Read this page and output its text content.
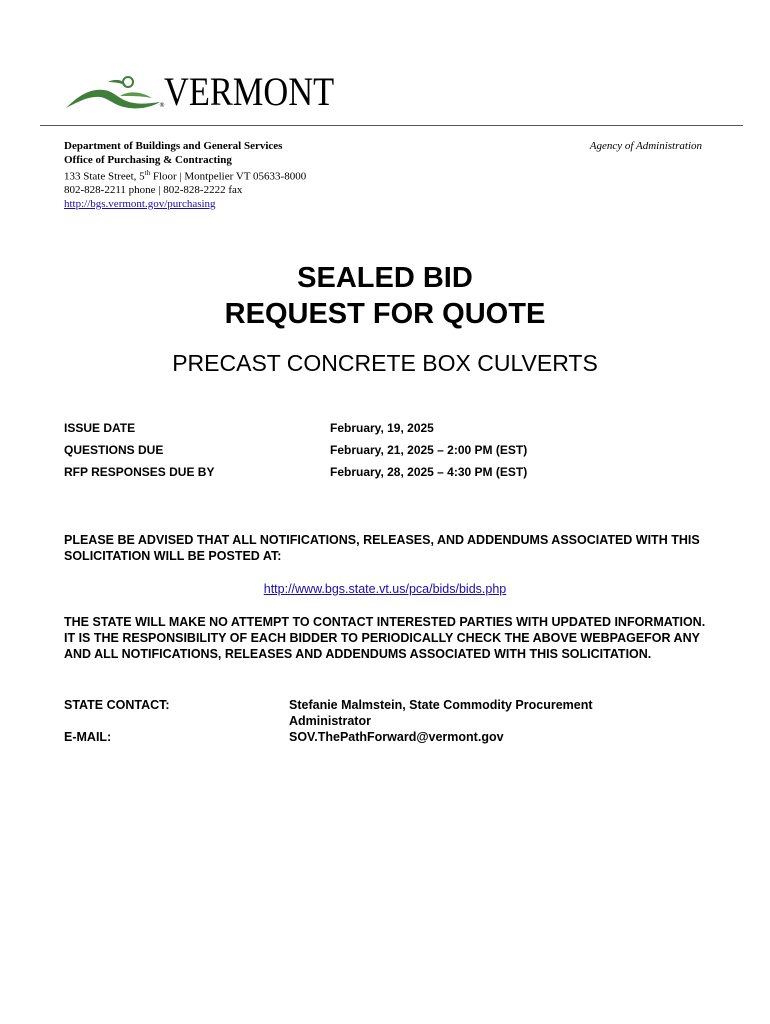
VERMONT
®
Department of Buildings and General Services
Office of Purchasing & Contracting
133 State Street, 5th Floor | Montpelier VT 05633-8000
802-828-2211 phone | 802-828-2222 fax
http://bgs.vermont.gov/purchasing
Agency of Administration
SEALED BID
REQUEST FOR QUOTE
PRECAST CONCRETE BOX CULVERTS
ISSUE DATE	February, 19, 2025
QUESTIONS DUE	February, 21, 2025 – 2:00 PM (EST)
RFP RESPONSES DUE BY	February, 28, 2025 – 4:30 PM (EST)
PLEASE BE ADVISED THAT ALL NOTIFICATIONS, RELEASES, AND ADDENDUMS ASSOCIATED WITH THIS SOLICITATION WILL BE POSTED AT:
http://www.bgs.state.vt.us/pca/bids/bids.php
THE STATE WILL MAKE NO ATTEMPT TO CONTACT INTERESTED PARTIES WITH UPDATED INFORMATION. IT IS THE RESPONSIBILITY OF EACH BIDDER TO PERIODICALLY CHECK THE ABOVE WEBPAGEFOR ANY AND ALL NOTIFICATIONS, RELEASES AND ADDENDUMS ASSOCIATED WITH THIS SOLICITATION.
STATE CONTACT:	Stefanie Malmstein, State Commodity Procurement Administrator
E-MAIL:	SOV.ThePathForward@vermont.gov
